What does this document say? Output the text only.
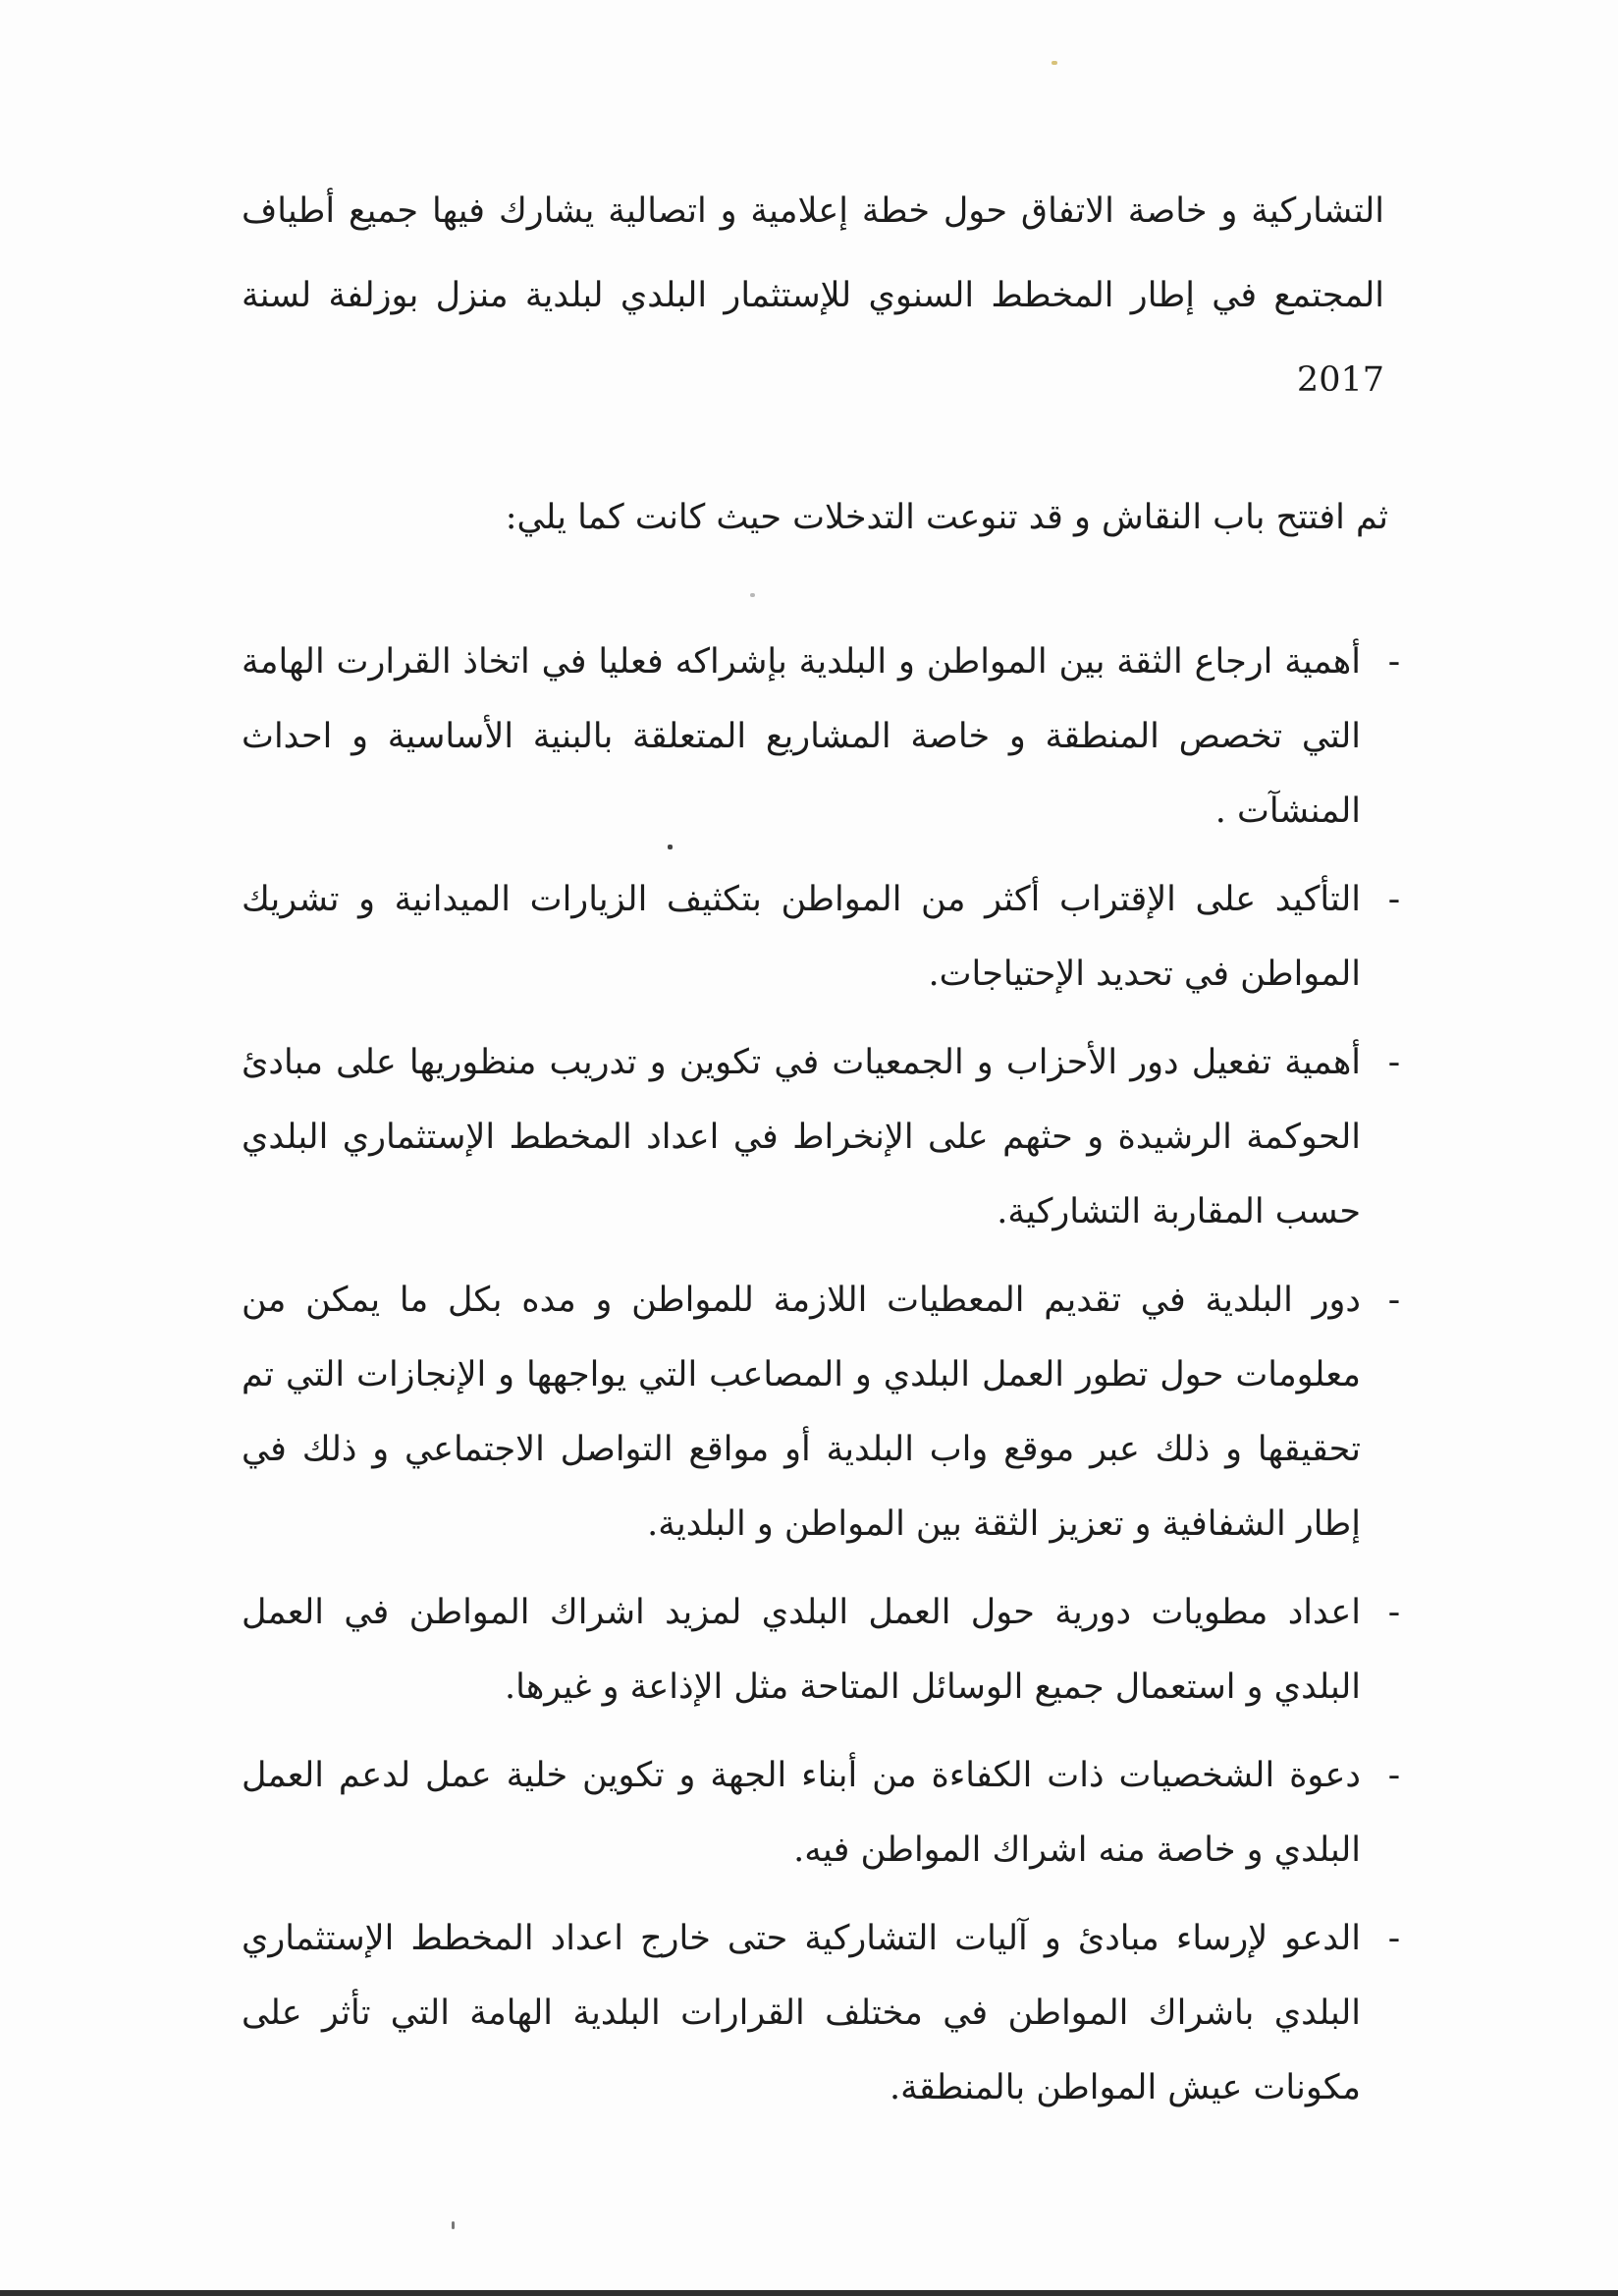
التشاركية و خاصة الاتفاق حول خطة إعلامية و اتصالية يشارك فيها جميع أطياف
المجتمع في إطار المخطط السنوي للإستثمار البلدي لبلدية منزل بوزلفة لسنة 2017
ثم افتتح باب النقاش و قد تنوعت التدخلات حيث كانت كما يلي:
-
أهمية ارجاع الثقة بين المواطن و البلدية بإشراكه فعليا في اتخاذ القرارت الهامة التي تخصص المنطقة و خاصة المشاريع المتعلقة بالبنية الأساسية و احداث المنشآت .
-
التأكيد على الإقتراب أكثر من المواطن بتكثيف الزيارات الميدانية و تشريك المواطن في تحديد الإحتياجات.
-
أهمية تفعيل دور الأحزاب و الجمعيات في تكوين و تدريب منظوريها على مبادئ الحوكمة الرشيدة و حثهم على الإنخراط في اعداد المخطط الإستثماري البلدي حسب المقاربة التشاركية.
-
دور البلدية في تقديم المعطيات اللازمة للمواطن و مده بكل ما يمكن من معلومات حول تطور العمل البلدي و المصاعب التي يواجهها و الإنجازات التي تم تحقيقها و ذلك عبر موقع واب البلدية أو مواقع التواصل الاجتماعي و ذلك في إطار الشفافية و تعزيز الثقة بين المواطن و البلدية.
-
اعداد مطويات دورية حول العمل البلدي لمزيد اشراك المواطن في العمل البلدي و استعمال جميع الوسائل المتاحة مثل الإذاعة و غيرها.
-
دعوة الشخصيات ذات الكفاءة من أبناء الجهة و تكوين خلية عمل لدعم العمل البلدي و خاصة منه اشراك المواطن فيه.
-
الدعو لإرساء مبادئ و آليات التشاركية حتى خارج اعداد المخطط الإستثماري البلدي باشراك المواطن في مختلف القرارات البلدية الهامة التي تأثر على مكونات عيش المواطن بالمنطقة.
